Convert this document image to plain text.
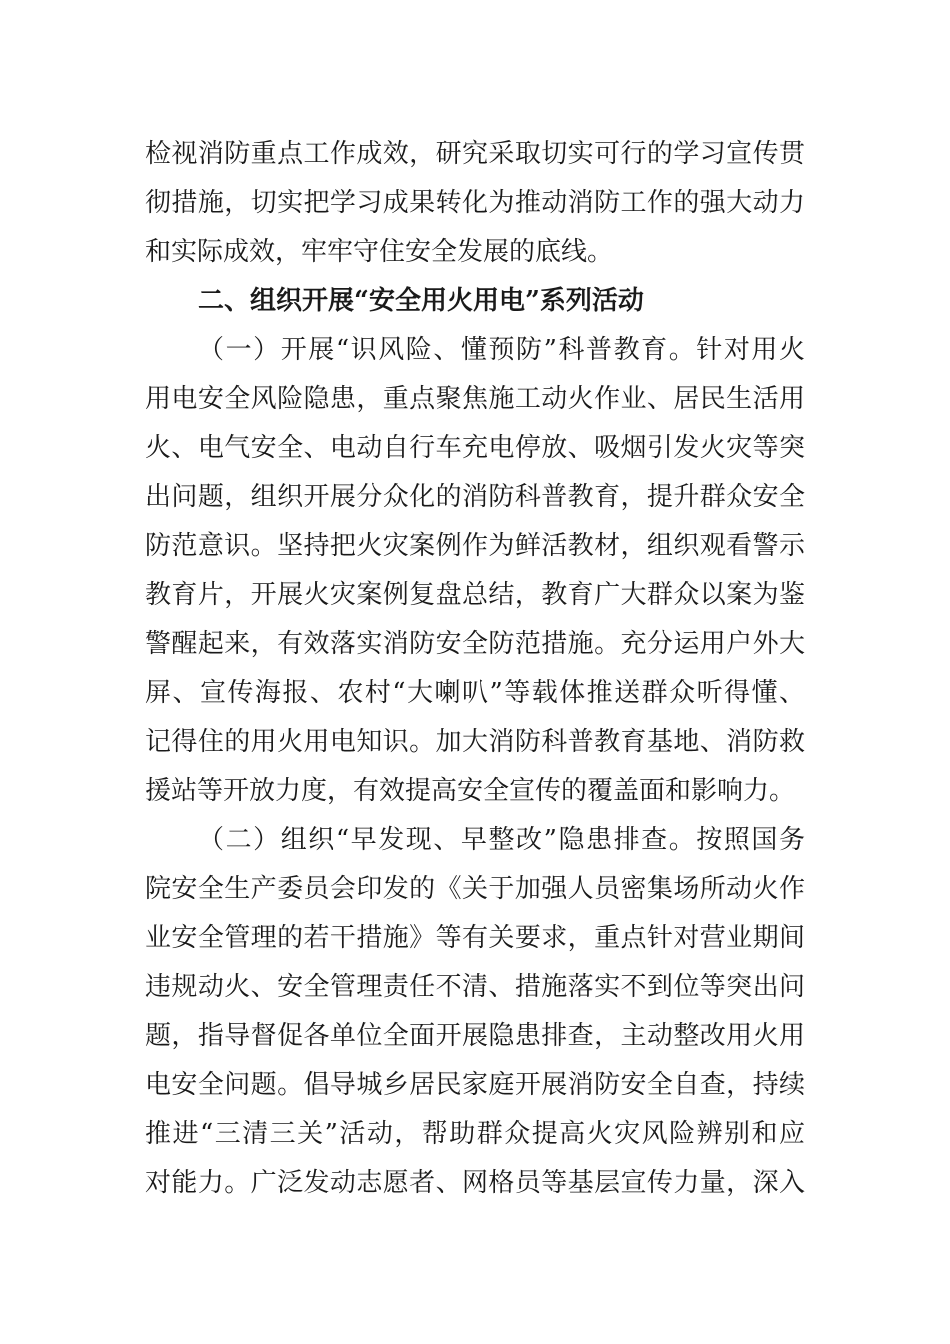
检视消防重点工作成效，研究采取切实可行的学习宣传贯
彻措施，切实把学习成果转化为推动消防工作的强大动力
和实际成效，牢牢守住安全发展的底线。
二、组织开展“安全用火用电”系列活动
（一）开展“识风险、懂预防”科普教育。针对用火
用电安全风险隐患，重点聚焦施工动火作业、居民生活用
火、电气安全、电动自行车充电停放、吸烟引发火灾等突
出问题，组织开展分众化的消防科普教育，提升群众安全
防范意识。坚持把火灾案例作为鲜活教材，组织观看警示
教育片，开展火灾案例复盘总结，教育广大群众以案为鉴
警醒起来，有效落实消防安全防范措施。充分运用户外大
屏、宣传海报、农村“大喇叭”等载体推送群众听得懂、
记得住的用火用电知识。加大消防科普教育基地、消防救
援站等开放力度，有效提高安全宣传的覆盖面和影响力。
（二）组织“早发现、早整改”隐患排查。按照国务
院安全生产委员会印发的《关于加强人员密集场所动火作
业安全管理的若干措施》等有关要求，重点针对营业期间
违规动火、安全管理责任不清、措施落实不到位等突出问
题，指导督促各单位全面开展隐患排查，主动整改用火用
电安全问题。倡导城乡居民家庭开展消防安全自查，持续
推进“三清三关”活动，帮助群众提高火灾风险辨别和应
对能力。广泛发动志愿者、网格员等基层宣传力量，深入
